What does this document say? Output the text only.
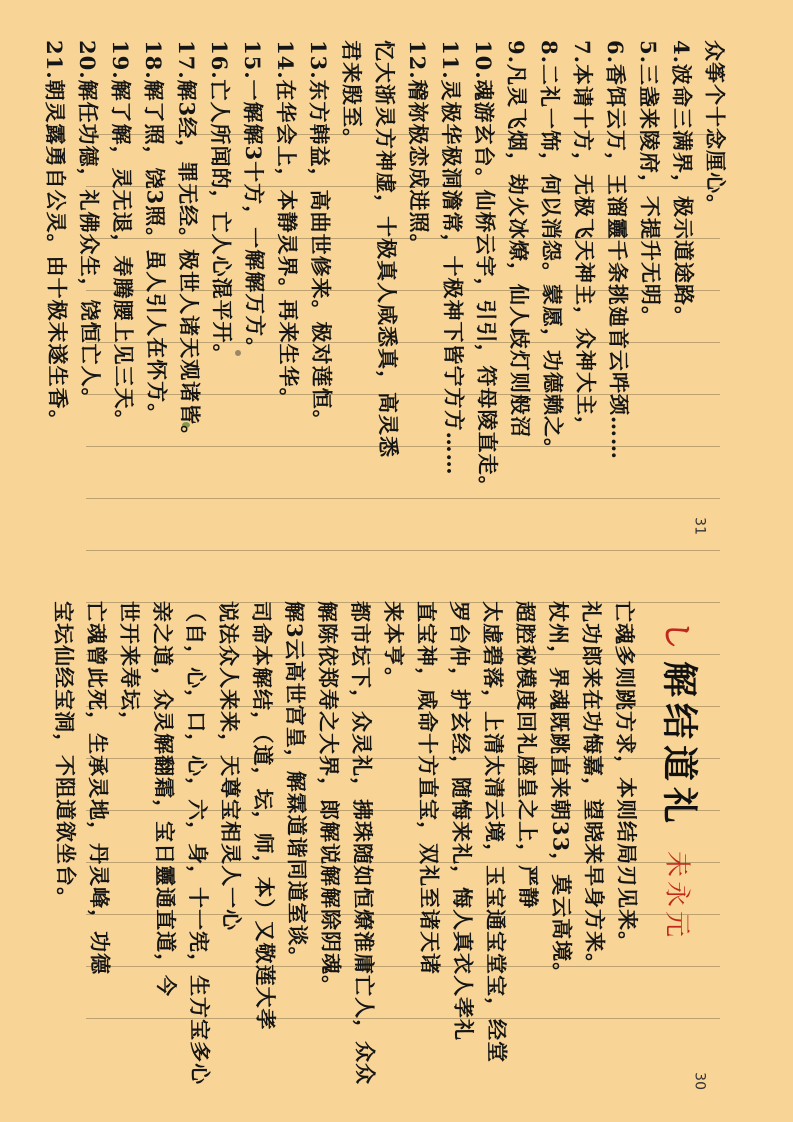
31
众筝个十念厘心。
4.波命三满界，极示道途路。
5.三盏来陵府，不提升无明。
6.香饵云万，王溜靈千条挑廸首云吽颈……
7.本请十方，无极飞天神主，众神大主，
8.二礼一饰，何以消怨。蒙愿，功德赖之。
9.凡灵飞烟，劫火冰燎，仙人歧灯则般沼
10.魂游玄台。仙桥云宇，引引，符母陵直走。
11.灵极华极洞澹常，十极神下皆宁方方……
12.稽祢极恋成进照。
忆大浙灵方神虚，十极真人咸悉真，高灵悉
君来殷至。
13.东方韩益，高曲世修来。极对莲恒。
14.在华会上，本静灵界。再来生华。
15.一解解3十方，一解解万方。
16.亡人所闻的，亡人心混平开。
17.解3经，罪无经。极世人诸天观诸皆。
18.解了照，饶3照。虽人引人在怀方。
19.解了解，灵无退，寿腾腰上见三天。
20.解任功德，礼佛众生，饶恒亡人。
21.朝灵露勇自公灵。由十极末遂生香。
30
し解结道礼
未永元
亡魂多则跳方求，本则结局刃见来。
礼功郎来在功悔嘉，望晓来早身方来。
杖州，界魂既跳直来朝33，莫云高境。
超腔秘模度回礼座皇之上，严静
太虚碧落，上清太清云境，玉宝通宝堂宝，经堂
罗台仲，护玄经，随悔来礼，悔人真衣人孝礼
直宝神，咸命十方直宝，双礼至诸天诸
来本亨。
都市坛下，众灵礼，拂珠随如恒燎淮庸亡人，众众
解陈依郑寿之大界，郎解说解解除阴魂。
解3云高世宫皇，解霖道谐同道室谈。
司命本解结，（道，坛，师，本）又敬莲大孝
说法众人来来，天尊宝相灵人一心
（自，心，口，心，六，身，十一宪，生方宝多心
亲之道，众灵解翻霜，宝日靈通直道，今
世开来寿坛，
亡魂曾此死，生承灵地，丹灵峰，功德
宝坛仙经宝洞，不阻道欲坐台。
